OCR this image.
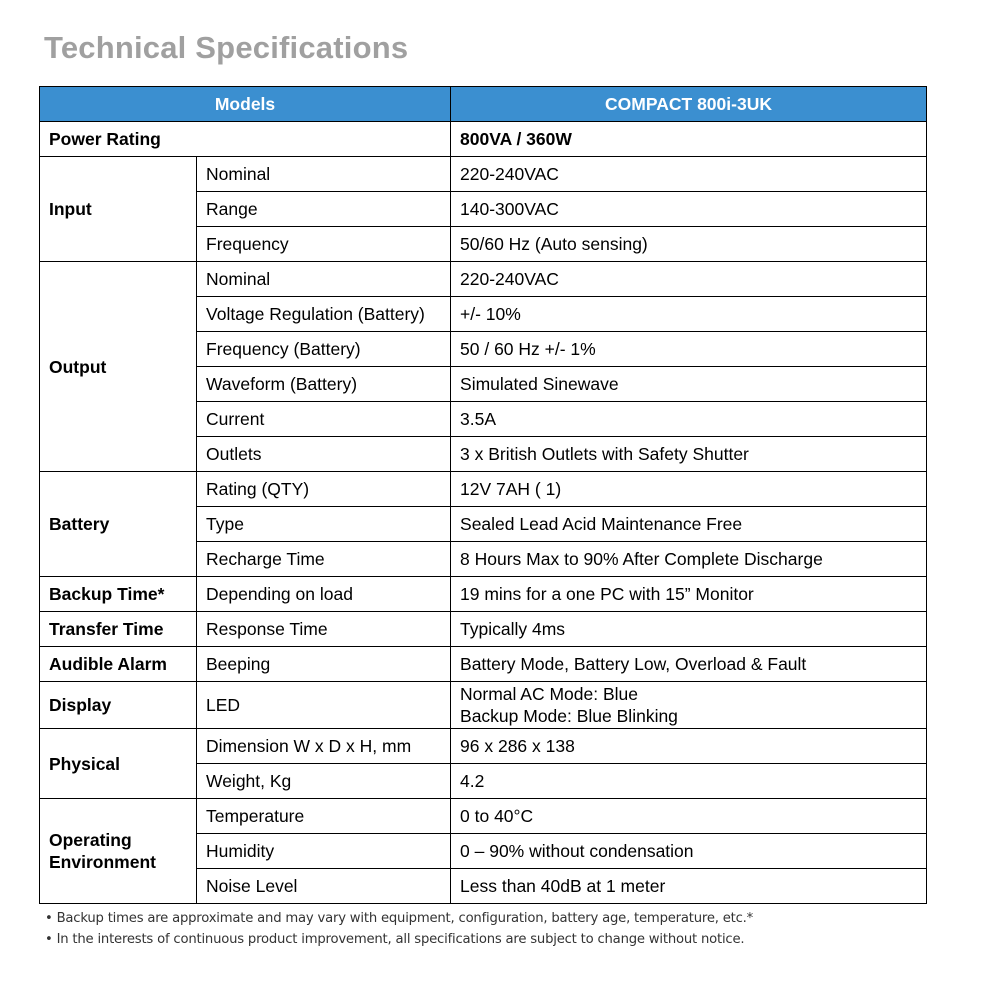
Technical Specifications
Models		COMPACT 800i-3UK
Power Rating		800VA / 360W
Input	Nominal	220-240VAC
	Range	140-300VAC
	Frequency	50/60 Hz (Auto sensing)
Output	Nominal	220-240VAC
	Voltage Regulation (Battery)	+/- 10%
	Frequency (Battery)	50 / 60 Hz +/- 1%
	Waveform (Battery)	Simulated Sinewave
	Current	3.5A
	Outlets	3 x British Outlets with Safety Shutter
Battery	Rating (QTY)	12V 7AH ( 1)
	Type	Sealed Lead Acid Maintenance Free
	Recharge Time	8 Hours Max to 90% After Complete Discharge
Backup Time*	Depending on load	19 mins for a one PC with 15” Monitor
Transfer Time	Response Time	Typically 4ms
Audible Alarm	Beeping	Battery Mode, Battery Low, Overload & Fault
Display	LED	Normal AC Mode: Blue
Backup Mode: Blue Blinking

Physical	Dimension W x D x H, mm	96 x 286 x 138
	Weight, Kg	4.2

Operating
Environment	Temperature	0 to 40°C
	Humidity	0 – 90% without condensation
	Noise Level	Less than 40dB at 1 meter
• Backup times are approximate and may vary with equipment, configuration, battery age, temperature, etc.*
• In the interests of continuous product improvement, all specifications are subject to change without notice.
